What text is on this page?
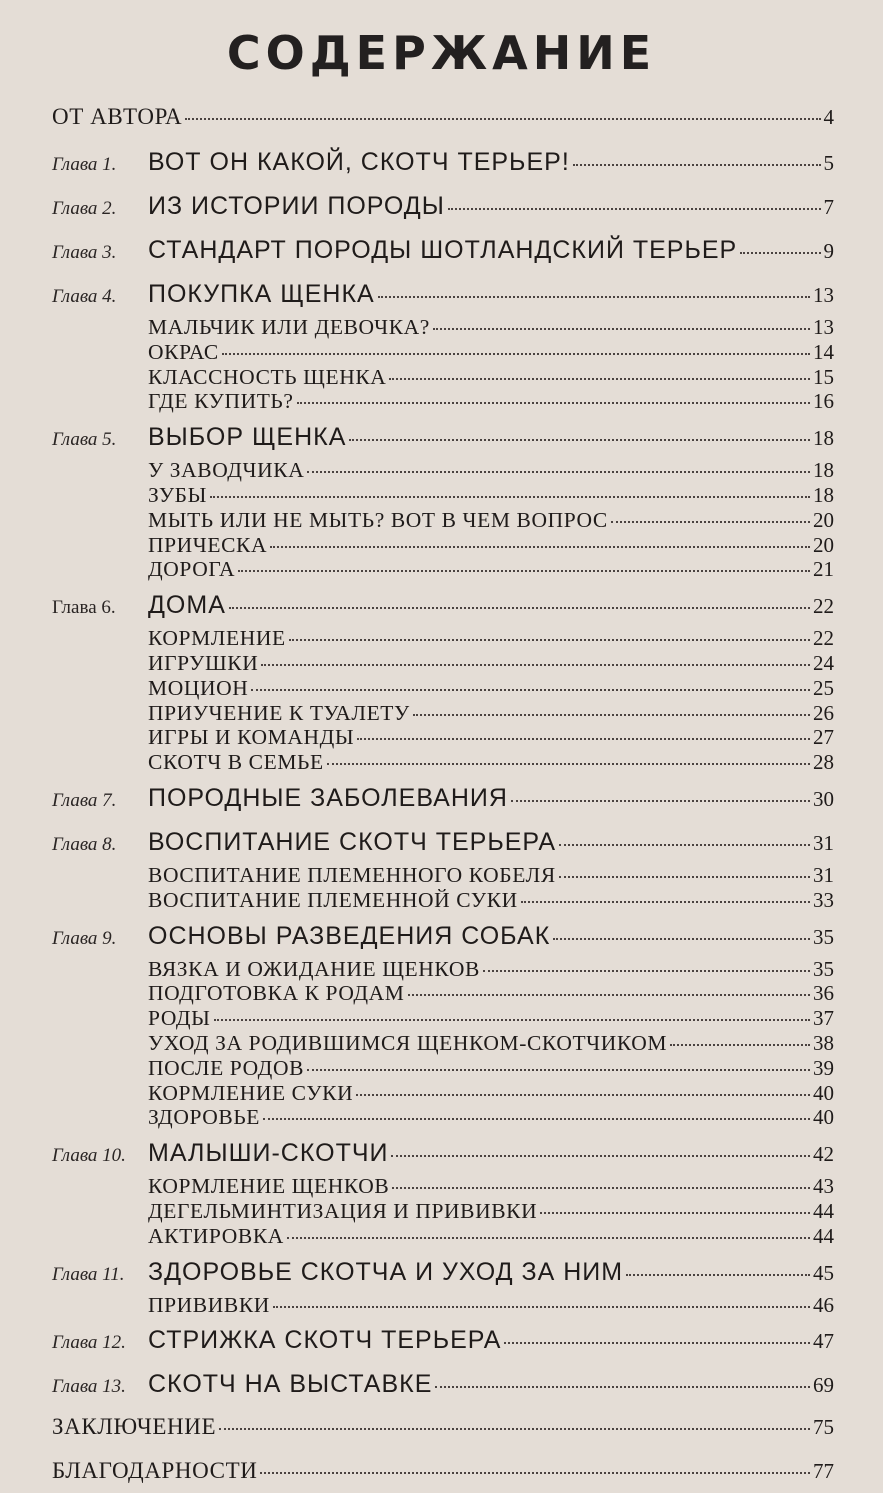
СОДЕРЖАНИЕ
ОТ АВТОРА	4
Глава 1.	ВОТ ОН КАКОЙ, СКОТЧ ТЕРЬЕР!	5
Глава 2.	ИЗ ИСТОРИИ ПОРОДЫ	7
Глава 3.	СТАНДАРТ ПОРОДЫ ШОТЛАНДСКИЙ ТЕРЬЕР	9
Глава 4.	ПОКУПКА ЩЕНКА	13
МАЛЬЧИК ИЛИ ДЕВОЧКА?	13
ОКРАС	14
КЛАССНОСТЬ ЩЕНКА	15
ГДЕ КУПИТЬ?	16
Глава 5.	ВЫБОР ЩЕНКА	18
У ЗАВОДЧИКА	18
ЗУБЫ	18
МЫТЬ ИЛИ НЕ МЫТЬ? ВОТ В ЧЕМ ВОПРОС	20
ПРИЧЕСКА	20
ДОРОГА	21
Глава 6.	ДОМА	22
КОРМЛЕНИЕ	22
ИГРУШКИ	24
МОЦИОН	25
ПРИУЧЕНИЕ К ТУАЛЕТУ	26
ИГРЫ И КОМАНДЫ	27
СКОТЧ В СЕМЬЕ	28
Глава 7.	ПОРОДНЫЕ ЗАБОЛЕВАНИЯ	30
Глава 8.	ВОСПИТАНИЕ СКОТЧ ТЕРЬЕРА	31
ВОСПИТАНИЕ ПЛЕМЕННОГО КОБЕЛЯ	31
ВОСПИТАНИЕ ПЛЕМЕННОЙ СУКИ	33
Глава 9.	ОСНОВЫ РАЗВЕДЕНИЯ СОБАК	35
ВЯЗКА И ОЖИДАНИЕ ЩЕНКОВ	35
ПОДГОТОВКА К РОДАМ	36
РОДЫ	37
УХОД ЗА РОДИВШИМСЯ ЩЕНКОМ-СКОТЧИКОМ	38
ПОСЛЕ РОДОВ	39
КОРМЛЕНИЕ СУКИ	40
ЗДОРОВЬЕ	40
Глава 10. МАЛЫШИ-СКОТЧИ	42
КОРМЛЕНИЕ ЩЕНКОВ	43
ДЕГЕЛЬМИНТИЗАЦИЯ И ПРИВИВКИ	44
АКТИРОВКА	44
Глава 11. ЗДОРОВЬЕ СКОТЧА И УХОД ЗА НИМ	45
ПРИВИВКИ	46
Глава 12. СТРИЖКА СКОТЧ ТЕРЬЕРА	47
Глава 13. СКОТЧ НА ВЫСТАВКЕ	69
ЗАКЛЮЧЕНИЕ	75
БЛАГОДАРНОСТИ	77
